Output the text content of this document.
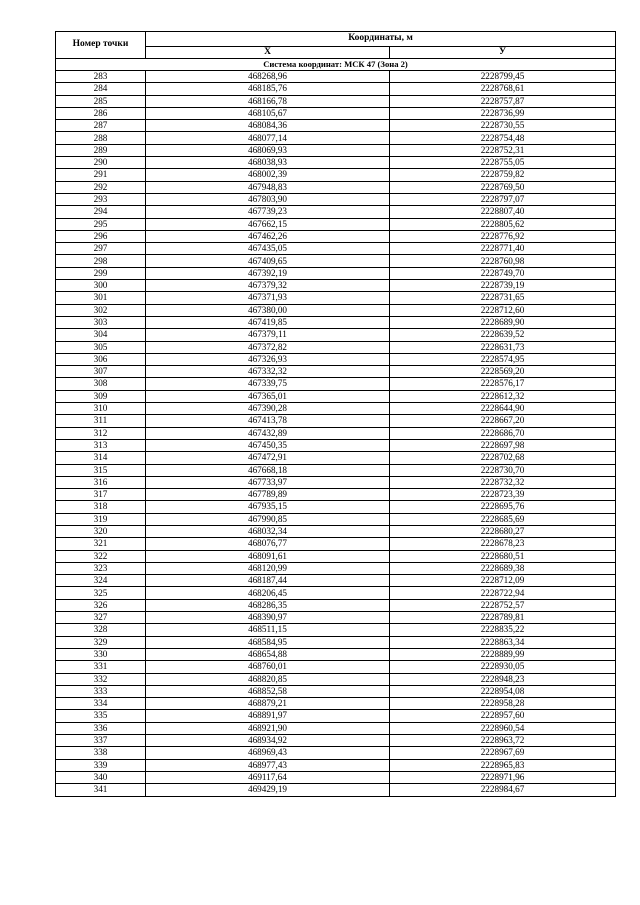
Номер точки	Координаты, м	
	Х	У
Система координат: МСК 47 (Зона 2)		
283	468268,96	2228799,45
284	468185,76	2228768,61
285	468166,78	2228757,87
286	468105,67	2228736,99
287	468084,36	2228730,55
288	468077,14	2228754,48
289	468069,93	2228752,31
290	468038,93	2228755,05
291	468002,39	2228759,82
292	467948,83	2228769,50
293	467803,90	2228797,07
294	467739,23	2228807,40
295	467662,15	2228805,62
296	467462,26	2228776,92
297	467435,05	2228771,40
298	467409,65	2228760,98
299	467392,19	2228749,70
300	467379,32	2228739,19
301	467371,93	2228731,65
302	467380,00	2228712,60
303	467419,85	2228689,90
304	467379,11	2228639,52
305	467372,82	2228631,73
306	467326,93	2228574,95
307	467332,32	2228569,20
308	467339,75	2228576,17
309	467365,01	2228612,32
310	467390,28	2228644,90
311	467413,78	2228667,20
312	467432,89	2228686,70
313	467450,35	2228697,98
314	467472,91	2228702,68
315	467668,18	2228730,70
316	467733,97	2228732,32
317	467789,89	2228723,39
318	467935,15	2228695,76
319	467990,85	2228685,69
320	468032,34	2228680,27
321	468076,77	2228678,23
322	468091,61	2228680,51
323	468120,99	2228689,38
324	468187,44	2228712,09
325	468206,45	2228722,94
326	468286,35	2228752,57
327	468390,97	2228789,81
328	468511,15	2228835,22
329	468584,95	2228863,34
330	468654,88	2228889,99
331	468760,01	2228930,05
332	468820,85	2228948,23
333	468852,58	2228954,08
334	468879,21	2228958,28
335	468891,97	2228957,60
336	468921,90	2228960,54
337	468934,92	2228963,72
338	468969,43	2228967,69
339	468977,43	2228965,83
340	469117,64	2228971,96
341	469429,19	2228984,67
